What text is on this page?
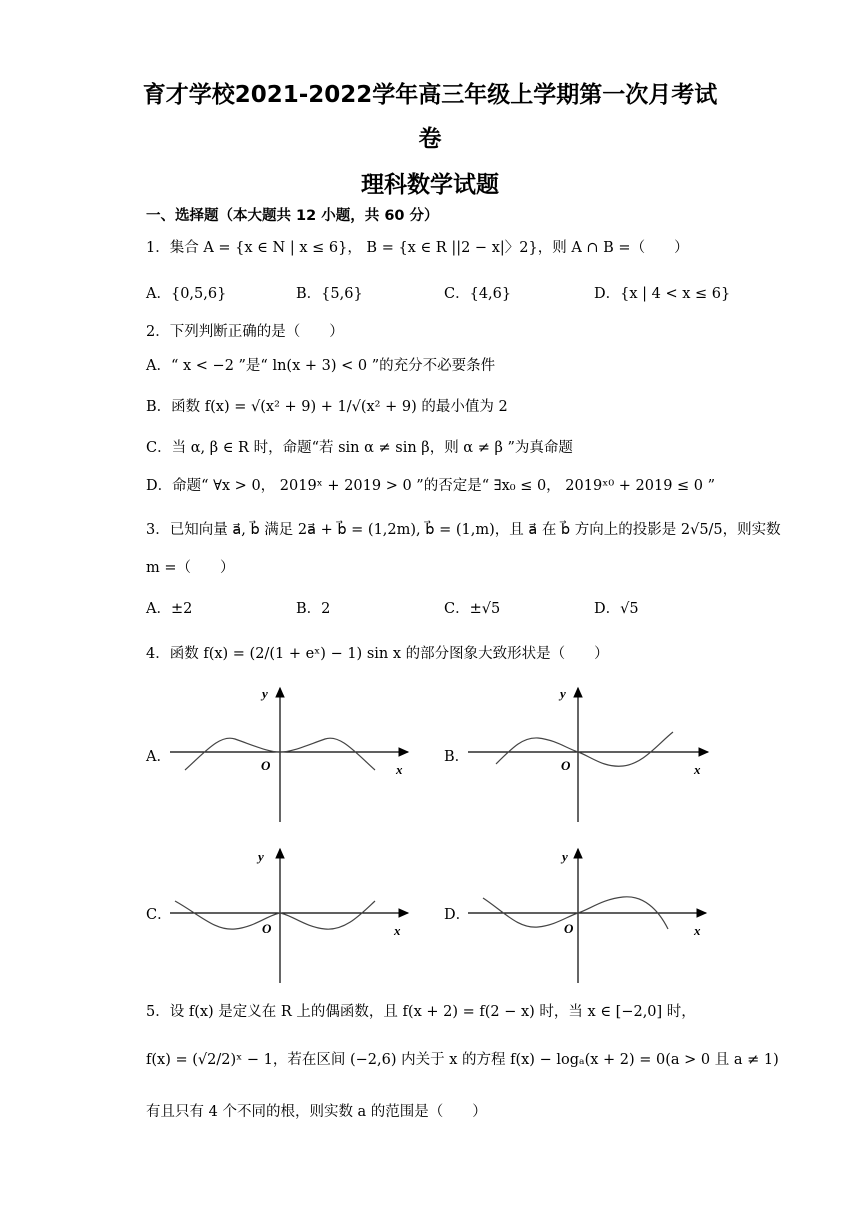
育才学校2021-2022学年高三年级上学期第一次月考试
卷
理科数学试题
一、选择题（本大题共 12 小题，共 60 分）
1．集合 A = {x ∈ N | x ≤ 6}， B = {x ∈ R ||2 − x|〉2}，则 A ∩ B =（　　）
A．{0,5,6}	B．{5,6}	C．{4,6}	D．{x | 4 < x ≤ 6}
2．下列判断正确的是（　　）
A．“ x < −2 ”是“ ln(x + 3) < 0 ”的充分不必要条件
B．函数 f(x) = √(x² + 9) + 1/√(x² + 9) 的最小值为 2
C．当 α, β ∈ R 时，命题“若 sin α ≠ sin β，则 α ≠ β ”为真命题
D．命题“ ∀x > 0， 2019ˣ + 2019 > 0 ”的否定是“ ∃x₀ ≤ 0， 2019ˣ⁰ + 2019 ≤ 0 ”
3．已知向量 a⃗, b⃗ 满足 2a⃗ + b⃗ = (1,2m), b⃗ = (1,m)，且 a⃗ 在 b⃗ 方向上的投影是 2√5/5，则实数
m =（　　）
A．±2	B．2	C．±√5	D．√5
4．函数 f(x) = (2/(1 + eˣ) − 1) sin x 的部分图象大致形状是（　　）
A．
y
x
O
B．
y
x
O
C．
y
x
O
D．
y
x
O
5．设 f(x) 是定义在 R 上的偶函数，且 f(x + 2) = f(2 − x) 时，当 x ∈ [−2,0] 时，
f(x) = (√2/2)ˣ − 1，若在区间 (−2,6) 内关于 x 的方程 f(x) − logₐ(x + 2) = 0(a > 0 且 a ≠ 1)
有且只有 4 个不同的根，则实数 a 的范围是（　　）
